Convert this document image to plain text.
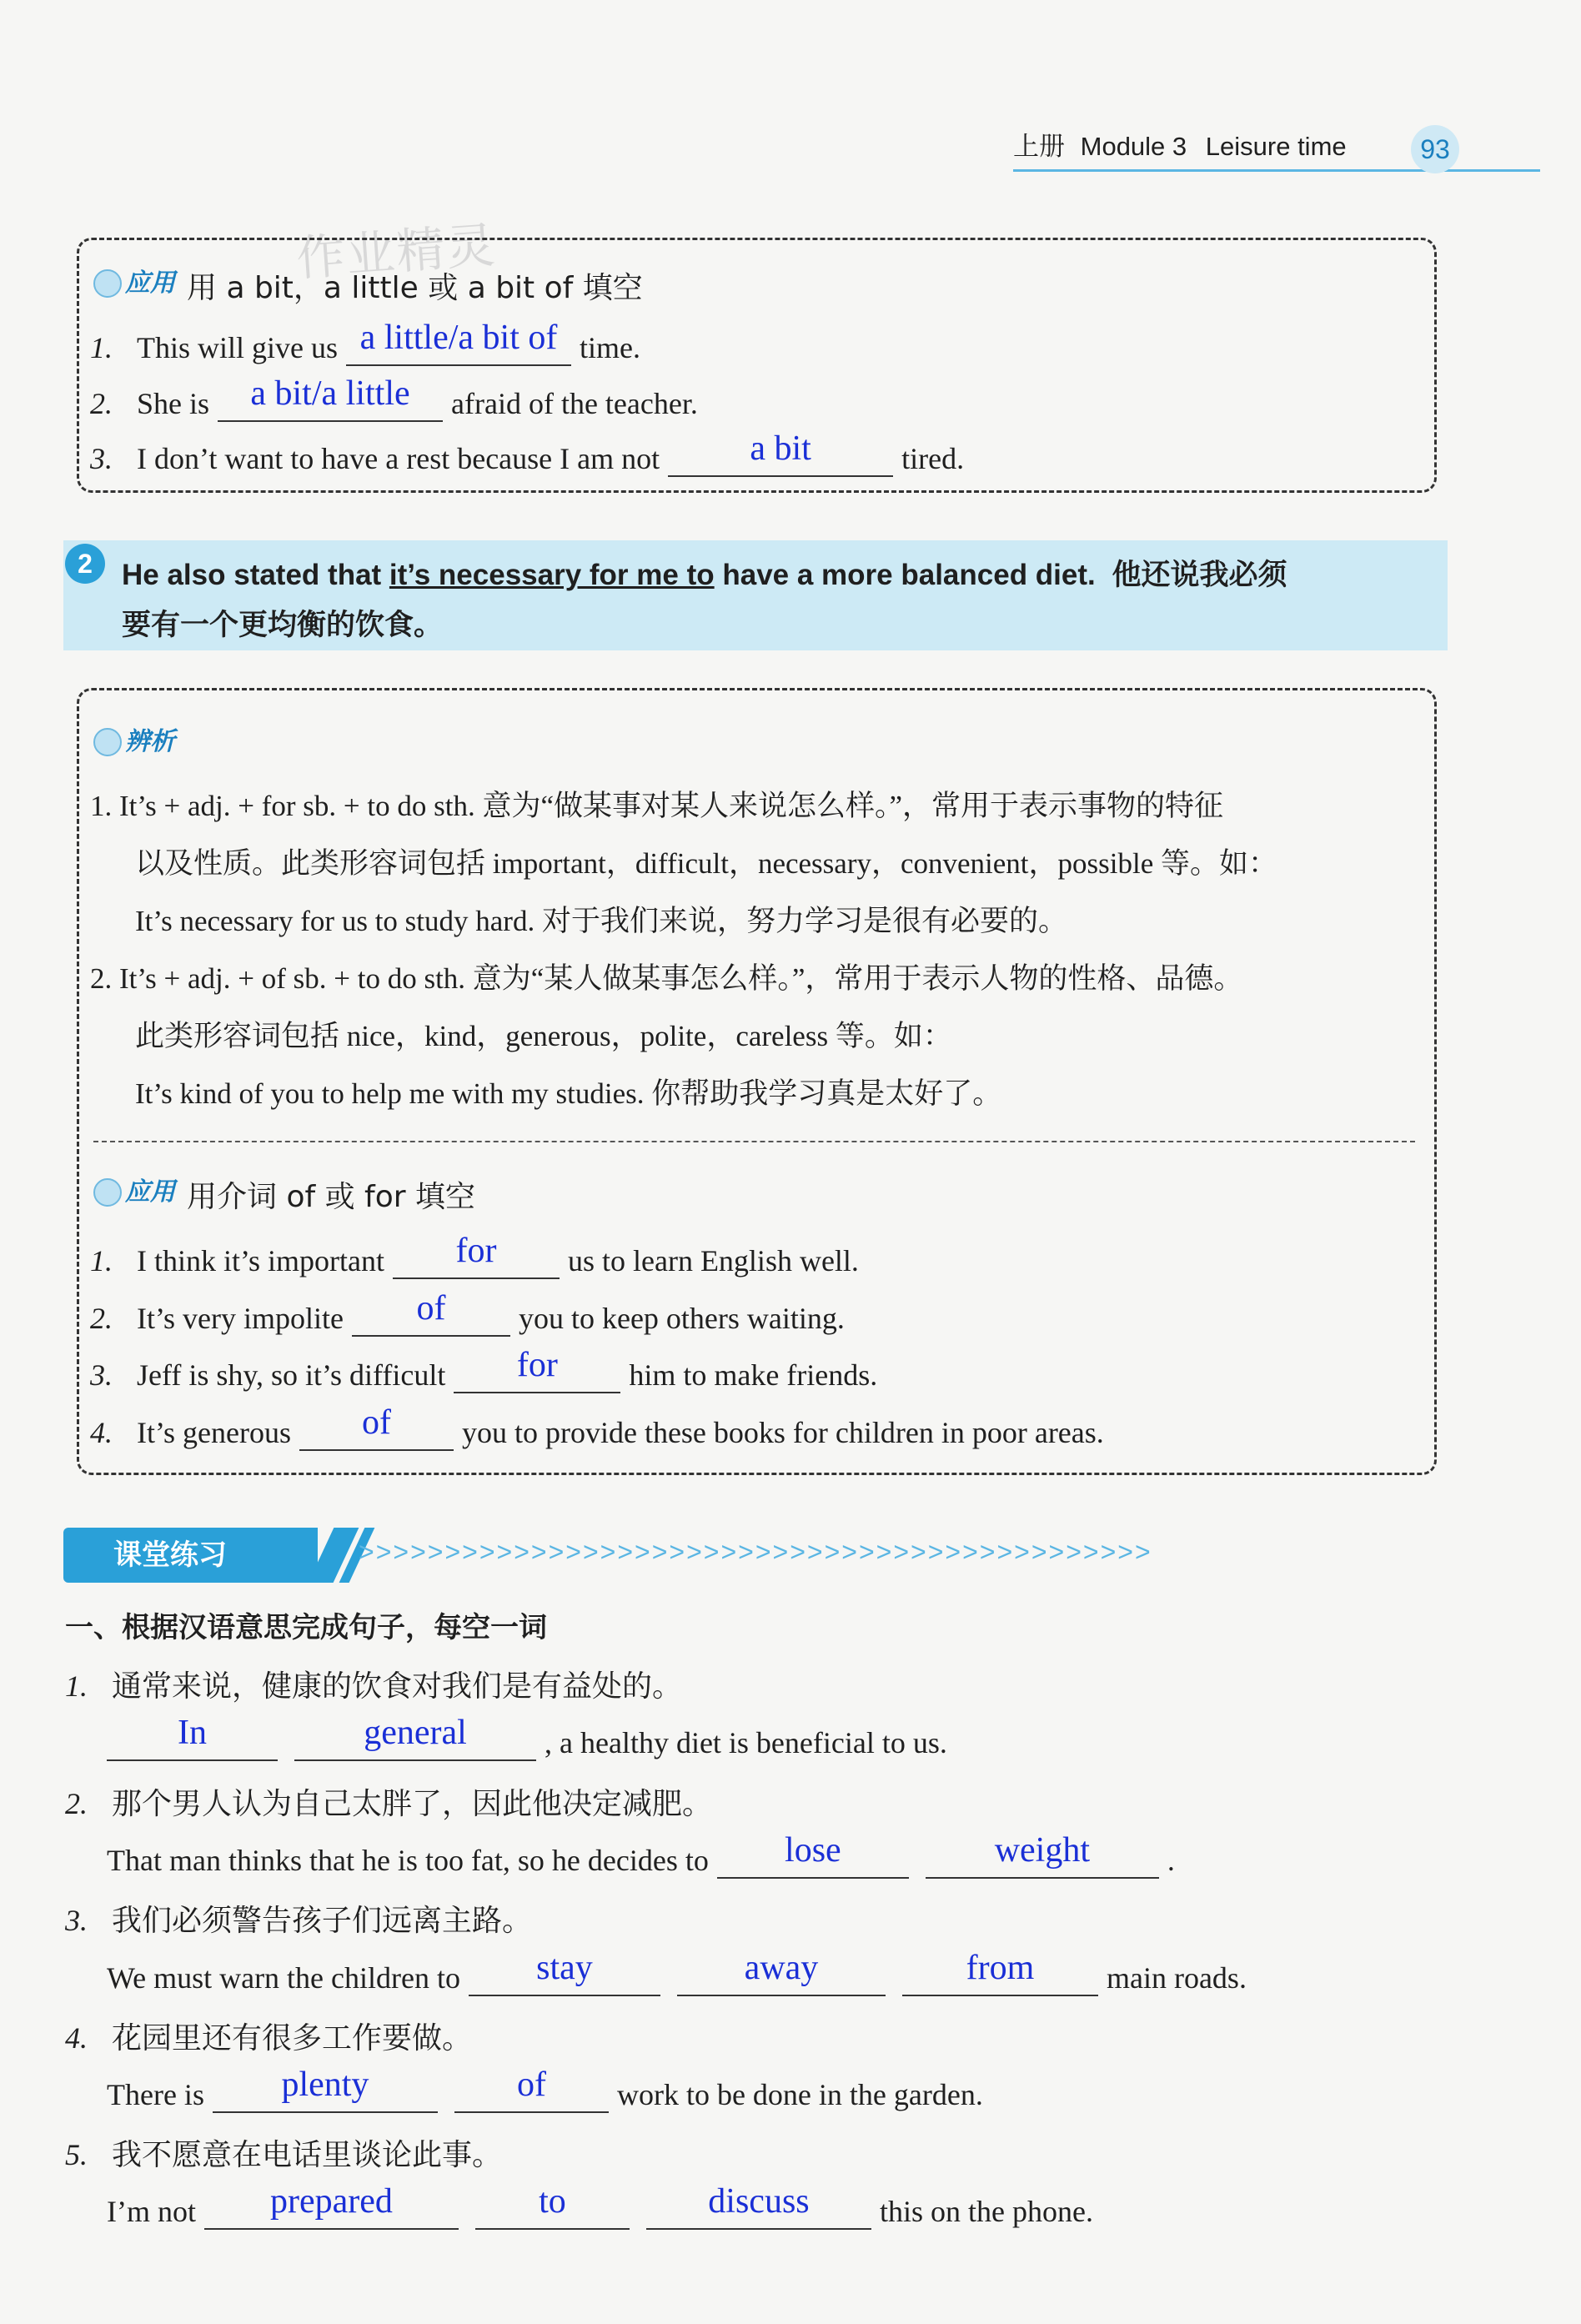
上册 Module 3 Leisure time	93
作业精灵
应用 用 a bit，a little 或 a bit of 填空
1. This will give us a little/a bit of time.
2. She is	a bit/a little	afraid of the teacher.
3. I don’t want to have a rest because I am not	a bit	tired.
2	He also stated that it’s necessary for me to have a more balanced diet. 他还说我必须
要有一个更均衡的饮食。
辨析
1. It’s + adj. + for sb. + to do sth. 意为“做某事对某人来说怎么样。”，常用于表示事物的特征
以及性质。此类形容词包括 important，difficult，necessary，convenient，possible 等。如：
It’s necessary for us to study hard. 对于我们来说，努力学习是很有必要的。
2. It’s + adj. + of sb. + to do sth. 意为“某人做某事怎么样。”，常用于表示人物的性格、品德。
此类形容词包括 nice，kind，generous，polite，careless 等。如：
It’s kind of you to help me with my studies. 你帮助我学习真是太好了。
应用 用介词 of 或 for 填空
1. I think it’s important	for	us to learn English well.
2. It’s very impolite	of	you to keep others waiting.
3. Jeff is shy, so it’s difficult	for	him to make friends.
4. It’s generous	of	you to provide these books for children in poor areas.
课堂练习	>>>>>>>>>>>>>>>>>>>>>>>>>>>>>>>>>>>>>>>>>>>>>>
一、根据汉语意思完成句子，每空一词
1. 通常来说，健康的饮食对我们是有益处的。
In	general	, a healthy diet is beneficial to us.
2. 那个男人认为自己太胖了，因此他决定减肥。
That man thinks that he is too fat, so he decides to	lose	weight	.
3. 我们必须警告孩子们远离主路。
We must warn the children to	stay	away	from	main roads.
4. 花园里还有很多工作要做。
There is	plenty	of	work to be done in the garden.
5. 我不愿意在电话里谈论此事。
I’m not	prepared	to	discuss	this on the phone.
